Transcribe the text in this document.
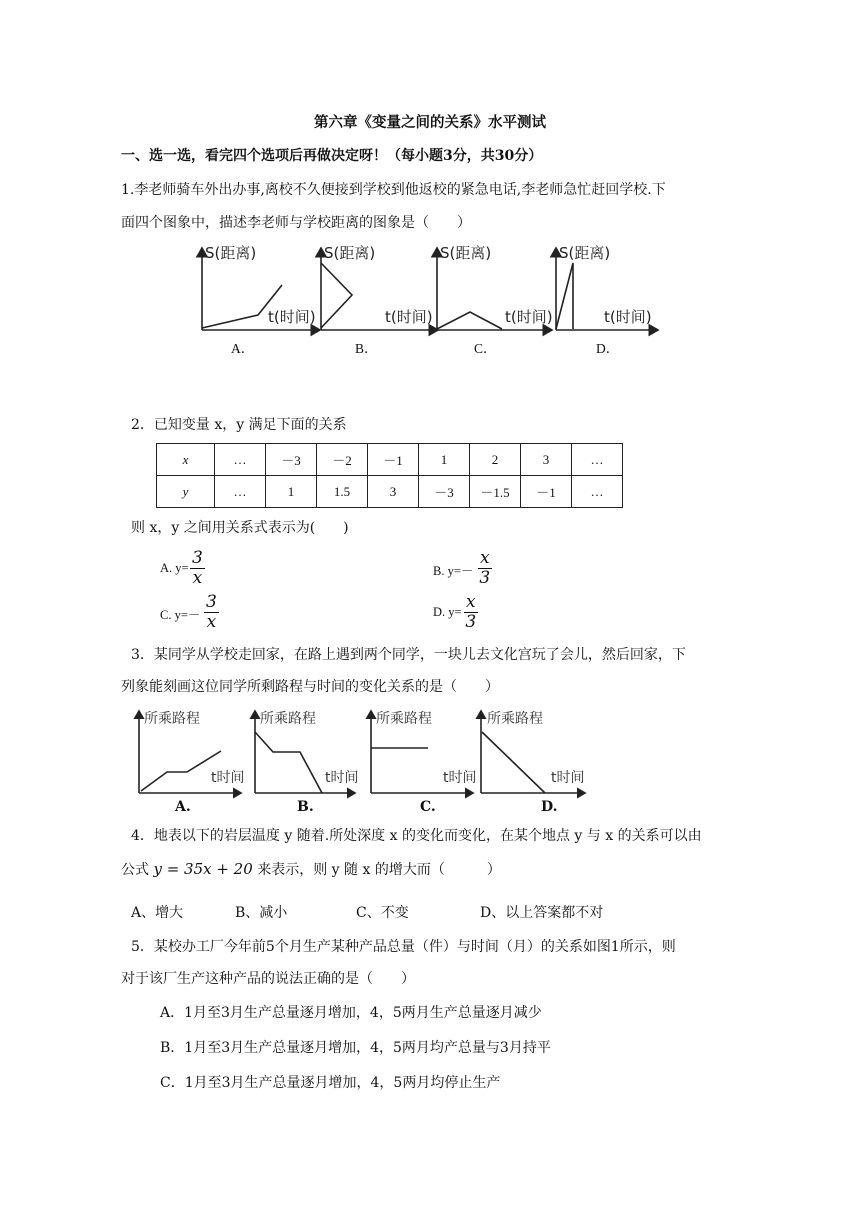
第六章《变量之间的关系》水平测试
一、选一选，看完四个选项后再做决定呀！（每小题3分，共30分）
1.李老师骑车外出办事,离校不久便接到学校到他返校的紧急电话,李老师急忙赶回学校.下
面四个图象中，描述李老师与学校距离的图象是（　　）
S(距离)
t(时间)
S(距离)
t(时间)
S(距离)
t(时间)
S(距离)
t(时间)
A．	B．	C．	D．
2．已知变量 x，y 满足下面的关系
x	…	－3	－2	－1	1	2	3	…
y	…	1	1.5	3	－3	－1.5	－1	…
则 x，y 之间用关系式表示为(　　)
A. $y= \frac{3}{x}$	B. $y=- \frac{x}{3}$
C. $y=- \frac{3}{x}$	D. $y= \frac{x}{3}$
3．某同学从学校走回家，在路上遇到两个同学，一块儿去文化宫玩了会儿，然后回家，下
列象能刻画这位同学所剩路程与时间的变化关系的是（　　）
所乘路程
t时间
所乘路程
t时间
所乘路程
t时间
所乘路程
t时间
A.	B.	C.	D.
4．地表以下的岩层温度 y 随着.所处深度 x 的变化而变化，在某个地点 y 与 x 的关系可以由
公式 y = 35x + 20 来表示，则 y 随 x 的增大而（　　　）
A、增大	B、减小	C、不变	D、以上答案都不对
5．某校办工厂今年前5个月生产某种产品总量（件）与时间（月）的关系如图1所示，则
对于该厂生产这种产品的说法正确的是（　　）
A．1月至3月生产总量逐月增加，4，5两月生产总量逐月减少
B．1月至3月生产总量逐月增加，4，5两月均产总量与3月持平
C．1月至3月生产总量逐月增加，4，5两月均停止生产
